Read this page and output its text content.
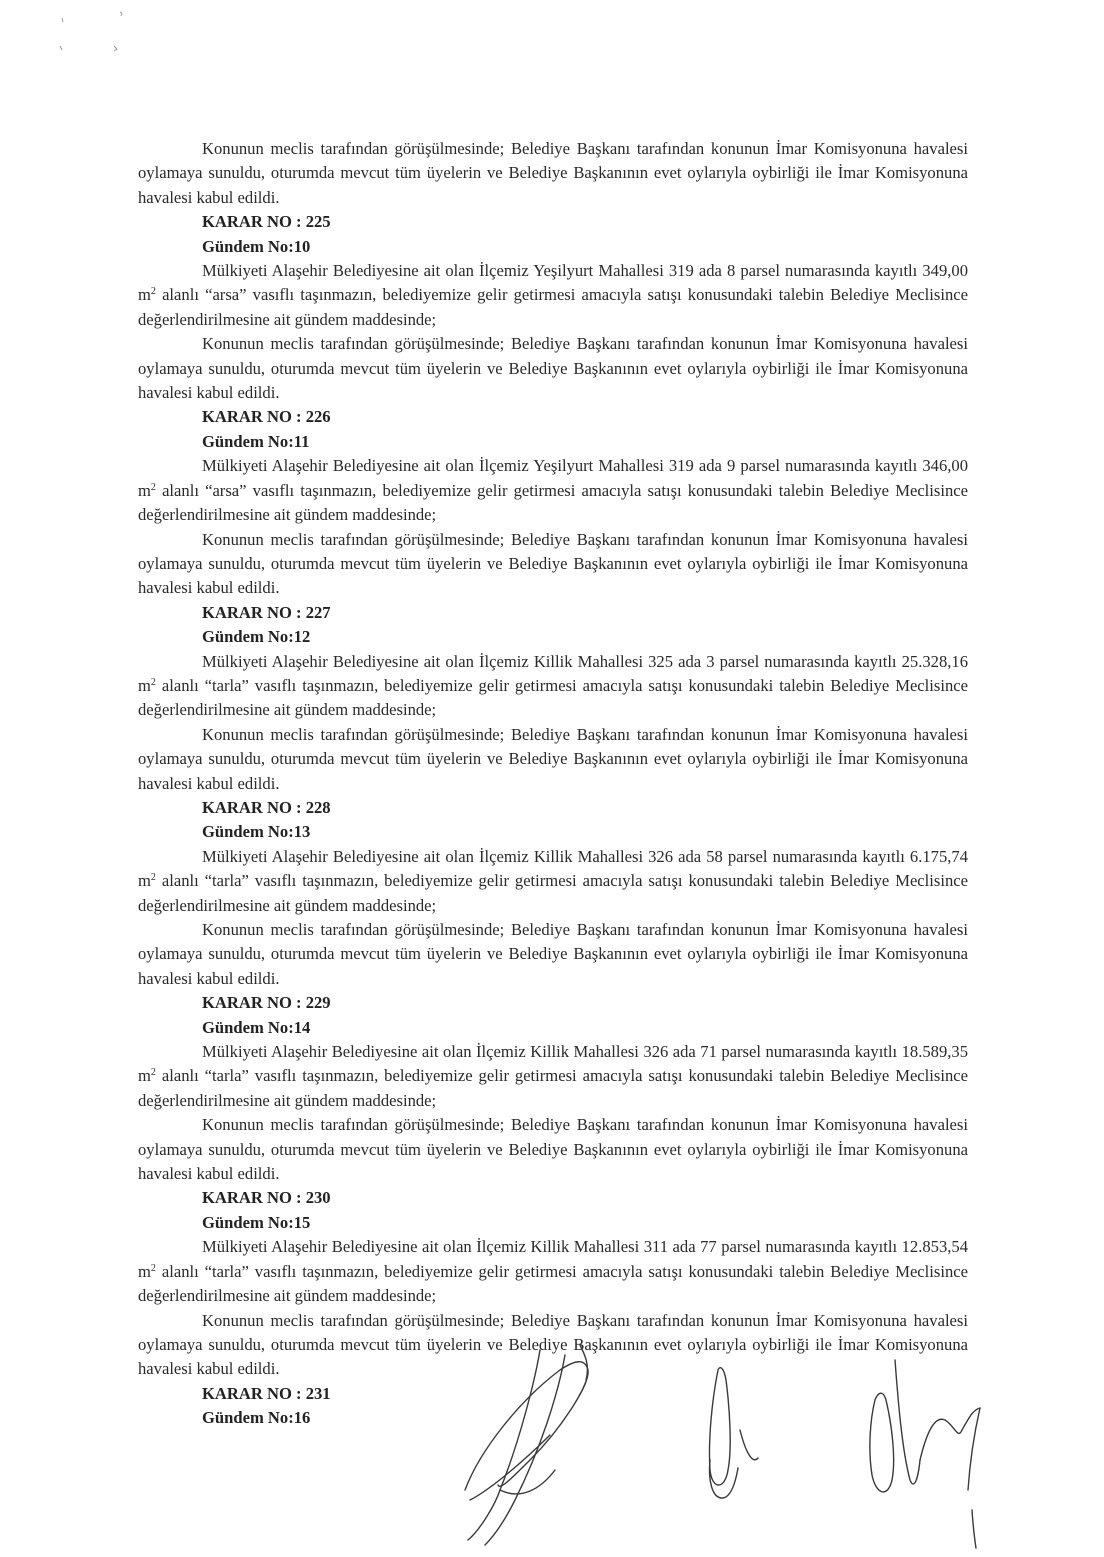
Konunun meclis tarafından görüşülmesinde; Belediye Başkanı tarafından konunun İmar Komisyonuna havalesi oylamaya sunuldu, oturumda mevcut tüm üyelerin ve Belediye Başkanının evet oylarıyla oybirliği ile İmar Komisyonuna havalesi kabul edildi.

KARAR NO : 225

Gündem No:10

Mülkiyeti Alaşehir Belediyesine ait olan İlçemiz Yeşilyurt Mahallesi 319 ada 8 parsel numarasında kayıtlı 349,00 $m^2$ alanlı “arsa” vasıflı taşınmazın, belediyemize gelir getirmesi amacıyla satışı konusundaki talebin Belediye Meclisince değerlendirilmesine ait gündem maddesinde;

Konunun meclis tarafından görüşülmesinde; Belediye Başkanı tarafından konunun İmar Komisyonuna havalesi oylamaya sunuldu, oturumda mevcut tüm üyelerin ve Belediye Başkanının evet oylarıyla oybirliği ile İmar Komisyonuna havalesi kabul edildi.

KARAR NO : 226

Gündem No:11

Mülkiyeti Alaşehir Belediyesine ait olan İlçemiz Yeşilyurt Mahallesi 319 ada 9 parsel numarasında kayıtlı 346,00 $m^2$ alanlı “arsa” vasıflı taşınmazın, belediyemize gelir getirmesi amacıyla satışı konusundaki talebin Belediye Meclisince değerlendirilmesine ait gündem maddesinde;

Konunun meclis tarafından görüşülmesinde; Belediye Başkanı tarafından konunun İmar Komisyonuna havalesi oylamaya sunuldu, oturumda mevcut tüm üyelerin ve Belediye Başkanının evet oylarıyla oybirliği ile İmar Komisyonuna havalesi kabul edildi.

KARAR NO : 227

Gündem No:12

Mülkiyeti Alaşehir Belediyesine ait olan İlçemiz Killik Mahallesi 325 ada 3 parsel numarasında kayıtlı 25.328,16 $m^2$ alanlı “tarla” vasıflı taşınmazın, belediyemize gelir getirmesi amacıyla satışı konusundaki talebin Belediye Meclisince değerlendirilmesine ait gündem maddesinde;

Konunun meclis tarafından görüşülmesinde; Belediye Başkanı tarafından konunun İmar Komisyonuna havalesi oylamaya sunuldu, oturumda mevcut tüm üyelerin ve Belediye Başkanının evet oylarıyla oybirliği ile İmar Komisyonuna havalesi kabul edildi.

KARAR NO : 228

Gündem No:13

Mülkiyeti Alaşehir Belediyesine ait olan İlçemiz Killik Mahallesi 326 ada 58 parsel numarasında kayıtlı 6.175,74 $m^2$ alanlı “tarla” vasıflı taşınmazın, belediyemize gelir getirmesi amacıyla satışı konusundaki talebin Belediye Meclisince değerlendirilmesine ait gündem maddesinde;

Konunun meclis tarafından görüşülmesinde; Belediye Başkanı tarafından konunun İmar Komisyonuna havalesi oylamaya sunuldu, oturumda mevcut tüm üyelerin ve Belediye Başkanının evet oylarıyla oybirliği ile İmar Komisyonuna havalesi kabul edildi.

KARAR NO : 229

Gündem No:14

Mülkiyeti Alaşehir Belediyesine ait olan İlçemiz Killik Mahallesi 326 ada 71 parsel numarasında kayıtlı 18.589,35 $m^2$ alanlı “tarla” vasıflı taşınmazın, belediyemize gelir getirmesi amacıyla satışı konusundaki talebin Belediye Meclisince değerlendirilmesine ait gündem maddesinde;

Konunun meclis tarafından görüşülmesinde; Belediye Başkanı tarafından konunun İmar Komisyonuna havalesi oylamaya sunuldu, oturumda mevcut tüm üyelerin ve Belediye Başkanının evet oylarıyla oybirliği ile İmar Komisyonuna havalesi kabul edildi.

KARAR NO : 230

Gündem No:15

Mülkiyeti Alaşehir Belediyesine ait olan İlçemiz Killik Mahallesi 311 ada 77 parsel numarasında kayıtlı 12.853,54 $m^2$ alanlı “tarla” vasıflı taşınmazın, belediyemize gelir getirmesi amacıyla satışı konusundaki talebin Belediye Meclisince değerlendirilmesine ait gündem maddesinde;

Konunun meclis tarafından görüşülmesinde; Belediye Başkanı tarafından konunun İmar Komisyonuna havalesi oylamaya sunuldu, oturumda mevcut tüm üyelerin ve Belediye Başkanının evet oylarıyla oybirliği ile İmar Komisyonuna havalesi kabul edildi.

KARAR NO : 231

Gündem No:16
